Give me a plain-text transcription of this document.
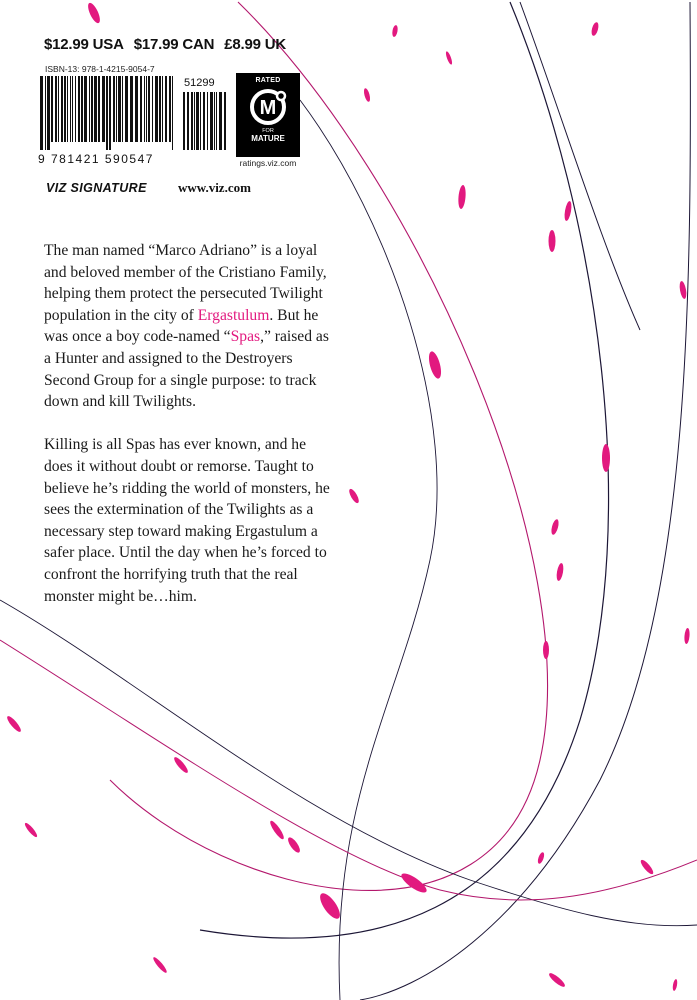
$12.99 USA $17.99 CAN £8.99 UK
ISBN-13: 978-1-4215-9054-7
9 781421 590547
51299	RATED
M
FOR
MATURE
ratings.viz.com
VIZ SIGNATURE www.viz.com

The man named “Marco Adriano” is a loyal and beloved member of the Cristiano Family, helping them protect the persecuted Twilight population in the city of Ergastulum. But he was once a boy code-named “Spas,” raised as a Hunter and assigned to the Destroyers Second Group for a single purpose: to track down and kill Twilights.

Killing is all Spas has ever known, and he does it without doubt or remorse. Taught to believe he’s ridding the world of monsters, he sees the extermination of the Twilights as a necessary step toward making Ergastulum a safer place. Until the day when he’s forced to confront the horrifying truth that the real monster might be…him.
